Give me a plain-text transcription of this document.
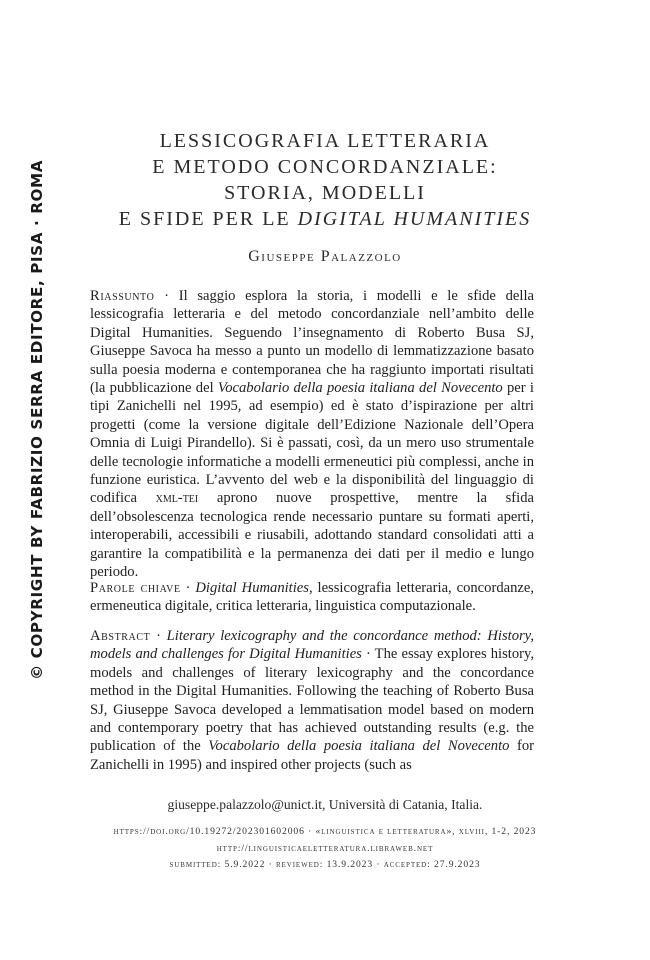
© COPYRIGHT BY FABRIZIO SERRA EDITORE, PISA · ROMA
LESSICOGRAFIA LETTERARIA
E METODO CONCORDANZIALE:
STORIA, MODELLI
E SFIDE PER LE DIGITAL HUMANITIES
Giuseppe Palazzolo
Riassunto · Il saggio esplora la storia, i modelli e le sfide della lessicografia letteraria e del metodo concordanziale nell’ambito delle Digital Humanities. Seguendo l’insegnamento di Roberto Busa SJ, Giuseppe Savoca ha messo a punto un modello di lemmatizzazione basato sulla poesia moderna e contemporanea che ha raggiunto importati risultati (la pubblicazione del Vocabolario della poesia italiana del Novecento per i tipi Zanichelli nel 1995, ad esempio) ed è stato d’ispirazione per altri progetti (come la versione digitale dell’Edizione Nazionale dell’Opera Omnia di Luigi Pirandello). Si è passati, così, da un mero uso strumentale delle tecnologie informatiche a modelli ermeneutici più complessi, anche in funzione euristica. L’avvento del web e la disponibilità del linguaggio di codifica xml-tei aprono nuove prospettive, mentre la sfida dell’obsolescenza tecnologica rende necessario puntare su formati aperti, interoperabili, accessibili e riusabili, adottando standard consolidati atti a garantire la compatibilità e la permanenza dei dati per il medio e lungo periodo.
Parole chiave · Digital Humanities, lessicografia letteraria, concordanze, ermeneutica digitale, critica letteraria, linguistica computazionale.
Abstract · Literary lexicography and the concordance method: History, models and challenges for Digital Humanities · The essay explores history, models and challenges of literary lexicography and the concordance method in the Digital Humanities. Following the teaching of Roberto Busa SJ, Giuseppe Savoca developed a lemmatisation model based on modern and contemporary poetry that has achieved outstanding results (e.g. the publication of the Vocabolario della poesia italiana del Novecento for Zanichelli in 1995) and inspired other projects (such as
giuseppe.palazzolo@unict.it, Università di Catania, Italia.
https://doi.org/10.19272/202301602006 · «linguistica e letteratura», xlviii, 1-2, 2023
http://linguisticaeletteratura.libraweb.net
submitted: 5.9.2022 · reviewed: 13.9.2023 · accepted: 27.9.2023
